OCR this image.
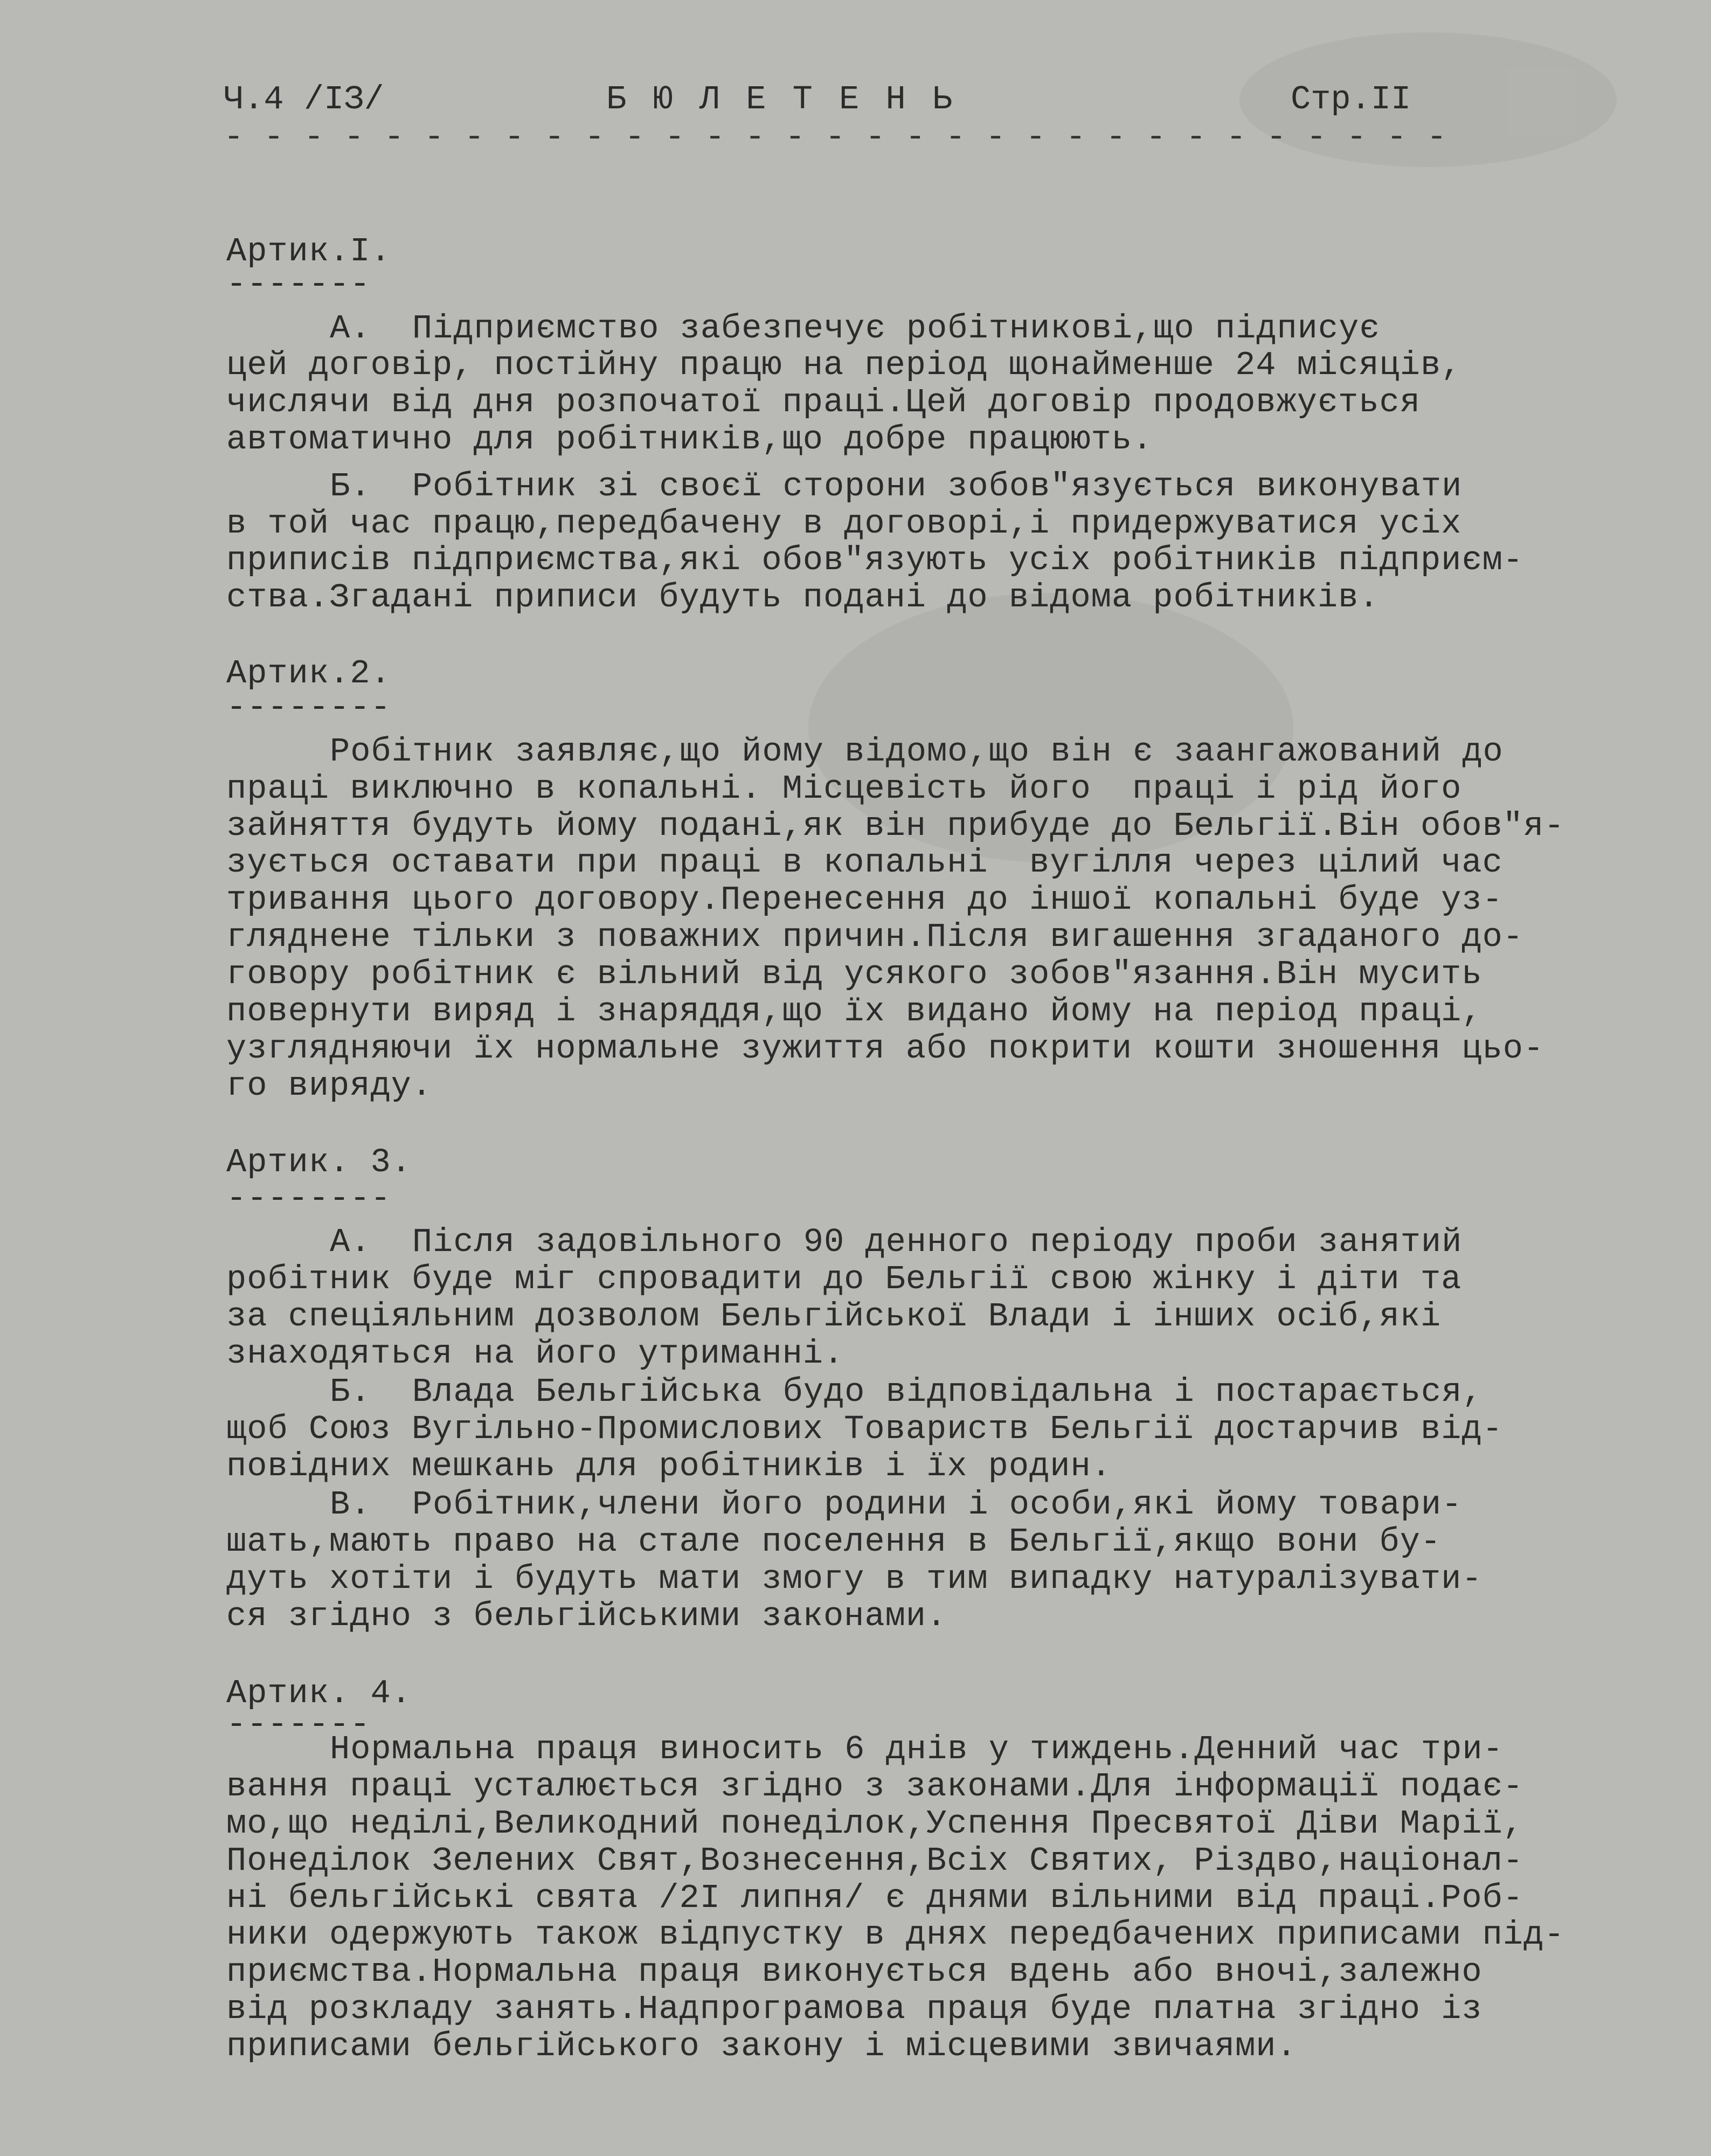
Ч.4 /ІЗ/	Б Ю Л Е Т Е Н Ь	Стр.ІІ
- - - - - - - - - - - - - - - - - - - - - - - - - - - - - - -
Артик.І.
-------
А.  Підприємство забезпечує робітникові,що підписує
цей договір, постійну працю на період щонайменше 24 місяців,
числячи від дня розпочатої праці.Цей договір продовжується
автоматично для робітників,що добре працюють.
Б.  Робітник зі своєї сторони зобов"язується виконувати
в той час працю,передбачену в договорі,і придержуватися усіх
приписів підприємства,які обов"язують усіх робітників підприєм-
ства.Згадані приписи будуть подані до відома робітників.
Артик.2.
--------
Робітник заявляє,що йому відомо,що він є заангажований до
праці виключно в копальні. Місцевість його  праці і рід його
зайняття будуть йому подані,як він прибуде до Бельгії.Він обов"я-
зується оставати при праці в копальні  вугілля через цілий час
тривання цього договору.Перенесення до іншої копальні буде уз-
гляднене тільки з поважних причин.Після вигашення згаданого до-
говору робітник є вільний від усякого зобов"язання.Він мусить
повернути виряд і знаряддя,що їх видано йому на період праці,
узглядняючи їх нормальне зужиття або покрити кошти зношення цьо-
го виряду.
Артик. 3.
--------
А.  Після задовільного 90 денного періоду проби занятий
робітник буде міг спровадити до Бельгії свою жінку і діти та
за спеціяльним дозволом Бельгійської Влади і інших осіб,які
знаходяться на його утриманні.
Б.  Влада Бельгійська будо відповідальна і постарається,
щоб Союз Вугільно-Промислових Товариств Бельгії достарчив від-
повідних мешкань для робітників і їх родин.
В.  Робітник,члени його родини і особи,які йому товари-
шать,мають право на стале поселення в Бельгії,якщо вони бу-
дуть хотіти і будуть мати змогу в тим випадку натуралізувати-
ся згідно з бельгійськими законами.
Артик. 4.
-------
Нормальна праця виносить 6 днів у тиждень.Денний час три-
вання праці усталюється згідно з законами.Для інформації подає-
мо,що неділі,Великодний понеділок,Успення Пресвятої Діви Марії,
Понеділок Зелених Свят,Вознесення,Всіх Святих, Різдво,націонал-
ні бельгійські свята /2І липня/ є днями вільними від праці.Роб-
ники одержують також відпустку в днях передбачених приписами під-
приємства.Нормальна праця виконується вдень або вночі,залежно
від розкладу занять.Надпрограмова праця буде платна згідно із
приписами бельгійського закону і місцевими звичаями.
